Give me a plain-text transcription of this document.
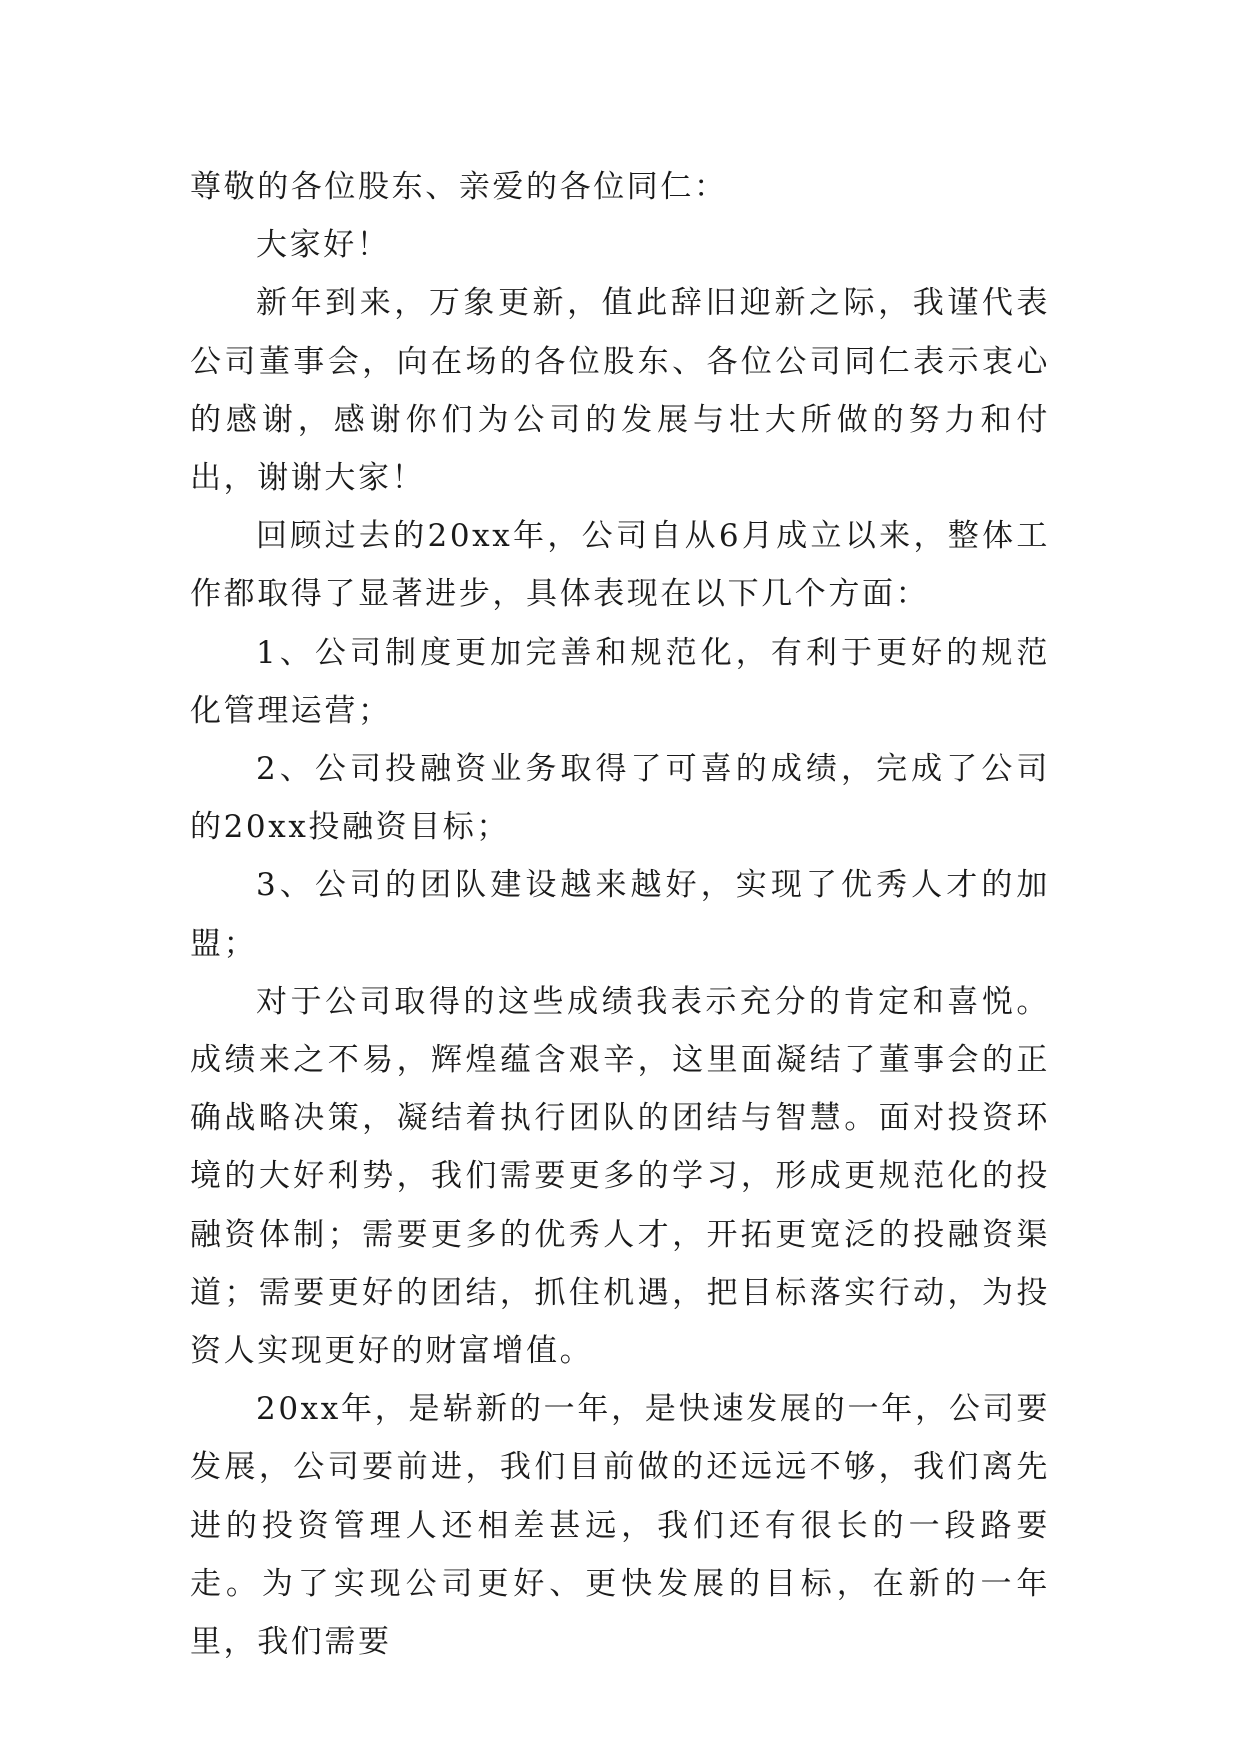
尊敬的各位股东、亲爱的各位同仁：

大家好！

新年到来，万象更新，值此辞旧迎新之际，我谨代表公司董事会，向在场的各位股东、各位公司同仁表示衷心的感谢，感谢你们为公司的发展与壮大所做的努力和付出，谢谢大家！

回顾过去的20xx年，公司自从6月成立以来，整体工作都取得了显著进步，具体表现在以下几个方面：

1、公司制度更加完善和规范化，有利于更好的规范化管理运营；

2、公司投融资业务取得了可喜的成绩，完成了公司的20xx投融资目标；

3、公司的团队建设越来越好，实现了优秀人才的加盟；

对于公司取得的这些成绩我表示充分的肯定和喜悦。成绩来之不易，辉煌蕴含艰辛，这里面凝结了董事会的正确战略决策，凝结着执行团队的团结与智慧。面对投资环境的大好利势，我们需要更多的学习，形成更规范化的投融资体制；需要更多的优秀人才，开拓更宽泛的投融资渠道；需要更好的团结，抓住机遇，把目标落实行动，为投资人实现更好的财富增值。

20xx年，是崭新的一年，是快速发展的一年，公司要发展，公司要前进，我们目前做的还远远不够，我们离先进的投资管理人还相差甚远，我们还有很长的一段路要走。为了实现公司更好、更快发展的目标，在新的一年里，我们需要
